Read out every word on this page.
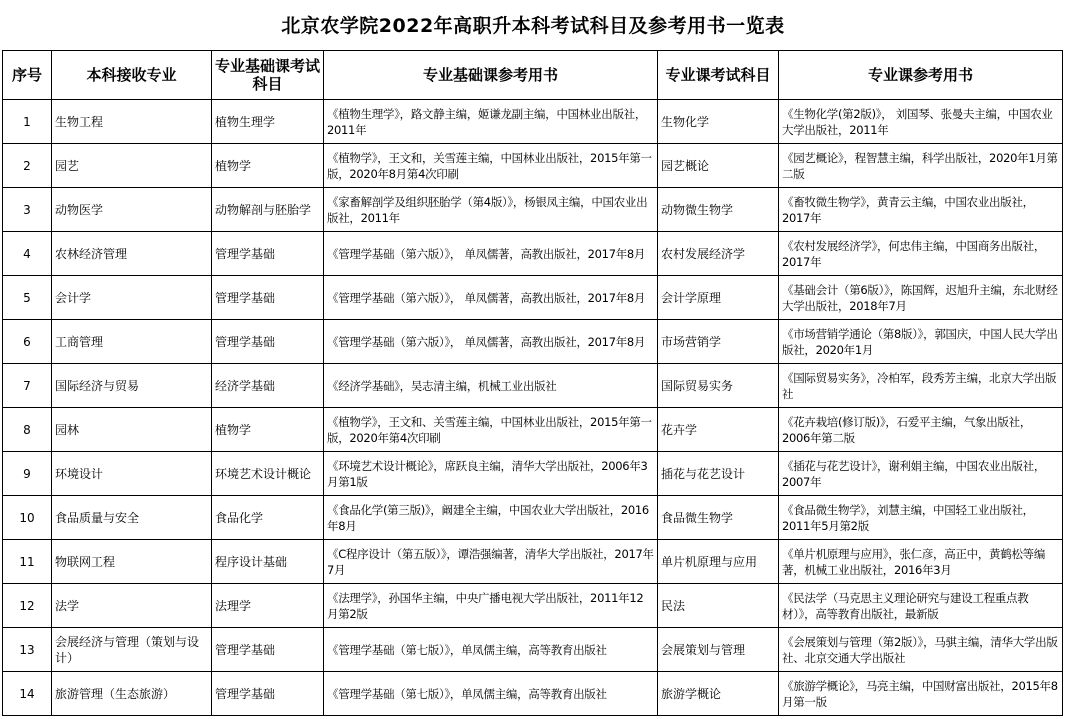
北京农学院2022年高职升本科考试科目及参考用书一览表
序号	本科接收专业	专业基础课考试科目	专业基础课参考用书	专业课考试科目	专业课参考用书
1	生物工程	植物生理学	《植物生理学》，路文静主编，姬谦龙副主编，中国林业出版社，2011年	生物化学	《生物化学(第2版)》， 刘国琴、张曼夫主编，中国农业大学出版社，2011年
2	园艺	植物学	《植物学》，王文和，关雪莲主编，中国林业出版社，2015年第一版，2020年8月第4次印刷	园艺概论	《园艺概论》，程智慧主编，科学出版社，2020年1月第二版
3	动物医学	动物解剖与胚胎学	《家畜解剖学及组织胚胎学（第4版）》，杨银凤主编，中国农业出版社，2011年	动物微生物学	《畜牧微生物学》，黄青云主编，中国农业出版社，2017年
4	农林经济管理	管理学基础	《管理学基础（第六版）》， 单凤儒著，高教出版社，2017年8月	农村发展经济学	《农村发展经济学》，何忠伟主编，中国商务出版社，2017年
5	会计学	管理学基础	《管理学基础（第六版）》， 单凤儒著，高教出版社，2017年8月	会计学原理	《基础会计（第6版）》，陈国辉，迟旭升主编，东北财经大学出版社，2018年7月
6	工商管理	管理学基础	《管理学基础（第六版）》， 单凤儒著，高教出版社，2017年8月	市场营销学	《市场营销学通论（第8版）》，郭国庆，中国人民大学出版社，2020年1月
7	国际经济与贸易	经济学基础	《经济学基础》，吴志清主编，机械工业出版社	国际贸易实务	《国际贸易实务》，冷柏军，段秀芳主编，北京大学出版社
8	园林	植物学	《植物学》，王文和、关雪莲主编，中国林业出版社，2015年第一版，2020年第4次印刷	花卉学	《花卉栽培(修订版)》，石爱平主编，气象出版社，2006年第二版
9	环境设计	环境艺术设计概论	《环境艺术设计概论》，席跃良主编，清华大学出版社，2006年3月第1版	插花与花艺设计	《插花与花艺设计》，谢利娟主编，中国农业出版社，2007年
10	食品质量与安全	食品化学	《食品化学(第三版)》，阚建全主编，中国农业大学出版社，2016年8月	食品微生物学	《食品微生物学》，刘慧主编，中国轻工业出版社，2011年5月第2版
11	物联网工程	程序设计基础	《C程序设计（第五版）》，谭浩强编著，清华大学出版社，2017年7月	单片机原理与应用	《单片机原理与应用》，张仁彦，高正中，黄鹤松等编著，机械工业出版社，2016年3月
12	法学	法理学	《法理学》，孙国华主编，中央广播电视大学出版社，2011年12月第2版	民法	《民法学（马克思主义理论研究与建设工程重点教材）》，高等教育出版社，最新版
13	会展经济与管理（策划与设计）	管理学基础	《管理学基础（第七版）》，单凤儒主编，高等教育出版社	会展策划与管理	《会展策划与管理（第2版）》，马骐主编，清华大学出版社、北京交通大学出版社
14	旅游管理（生态旅游）	管理学基础	《管理学基础（第七版）》，单凤儒主编，高等教育出版社	旅游学概论	《旅游学概论》，马亮主编，中国财富出版社，2015年8月第一版
